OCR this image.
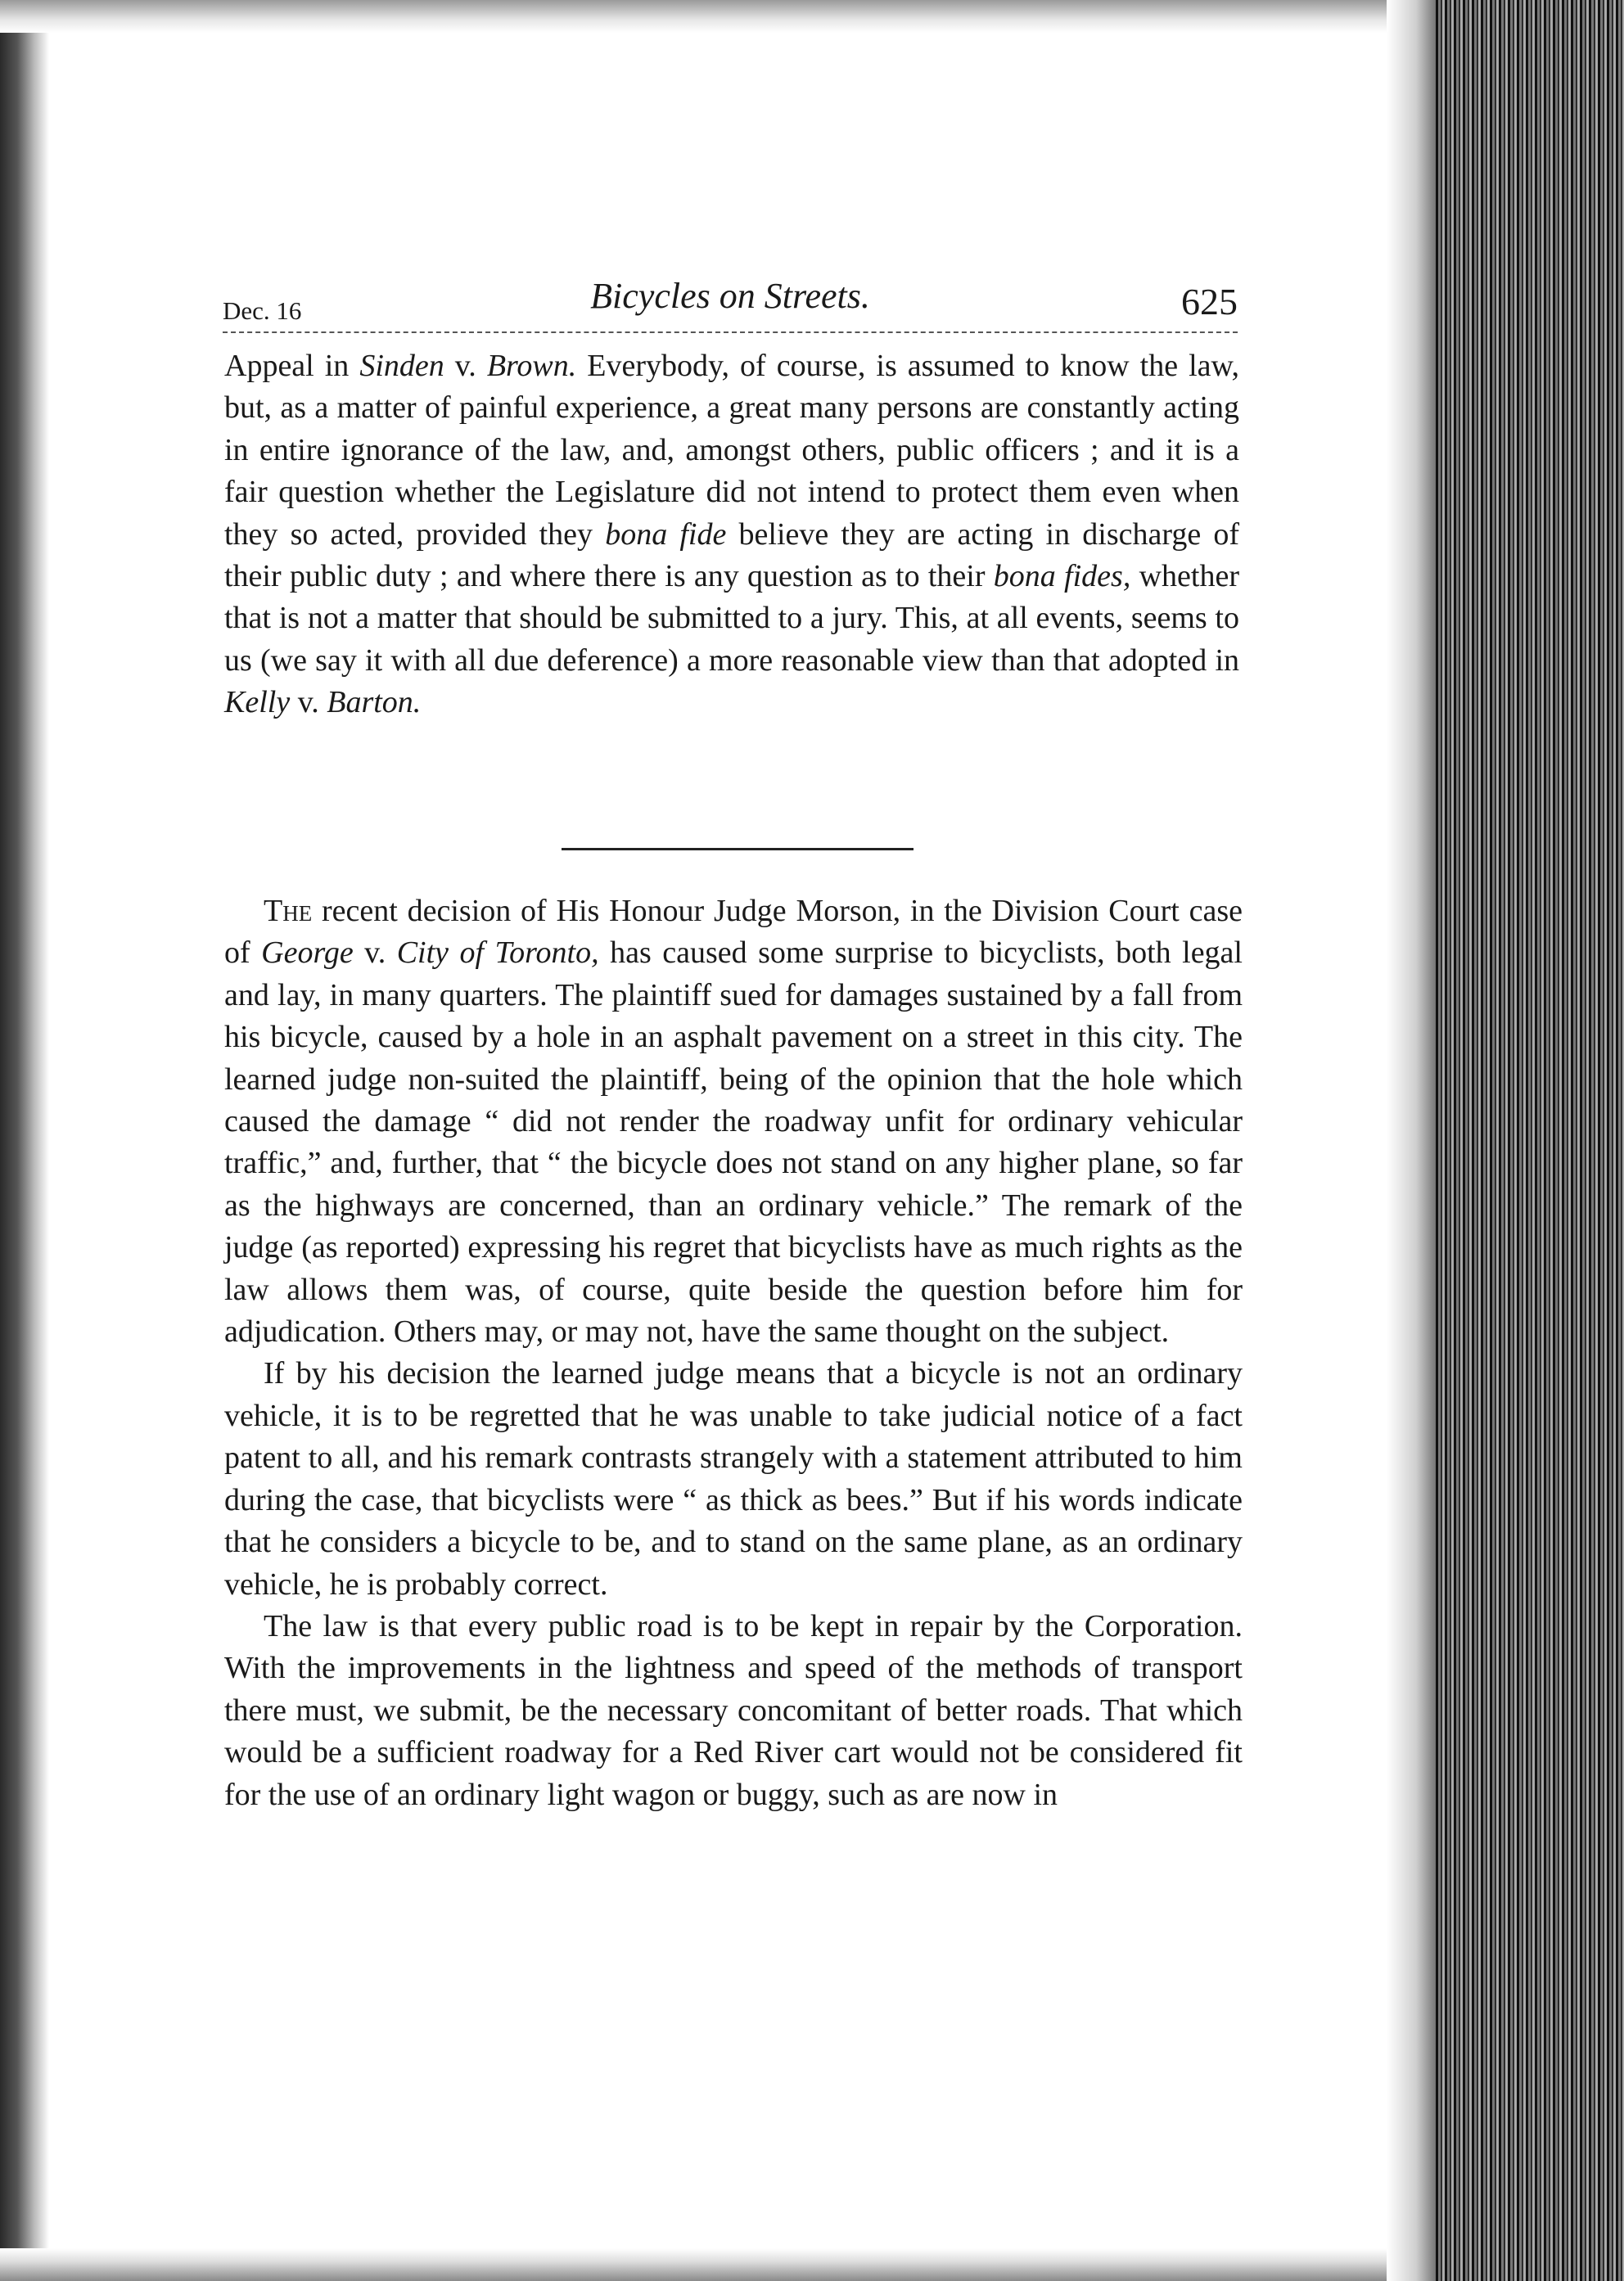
Dec. 16	Bicycles on Streets.	625

Appeal in Sinden v. Brown. Everybody, of course, is assumed to know the law, but, as a matter of painful experience, a great many persons are constantly acting in entire ignorance of the law, and, amongst others, public officers ; and it is a fair question whether the Legislature did not intend to protect them even when they so acted, provided they bona fide believe they are acting in discharge of their public duty ; and where there is any question as to their bona fides, whether that is not a matter that should be submitted to a jury. This, at all events, seems to us (we say it with all due deference) a more reasonable view than that adopted in Kelly v. Barton.

The recent decision of His Honour Judge Morson, in the Division Court case of George v. City of Toronto, has caused some surprise to bicyclists, both legal and lay, in many quarters. The plaintiff sued for damages sustained by a fall from his bicycle, caused by a hole in an asphalt pavement on a street in this city. The learned judge non-suited the plaintiff, being of the opinion that the hole which caused the damage “ did not render the roadway unfit for ordinary vehicular traffic,” and, further, that “ the bicycle does not stand on any higher plane, so far as the highways are concerned, than an ordinary vehicle.” The remark of the judge (as reported) expressing his regret that bicyclists have as much rights as the law allows them was, of course, quite beside the question before him for adjudication. Others may, or may not, have the same thought on the subject.

If by his decision the learned judge means that a bicycle is not an ordinary vehicle, it is to be regretted that he was unable to take judicial notice of a fact patent to all, and his remark contrasts strangely with a statement attributed to him during the case, that bicyclists were “ as thick as bees.” But if his words indicate that he considers a bicycle to be, and to stand on the same plane, as an ordinary vehicle, he is probably correct.

The law is that every public road is to be kept in repair by the Corporation. With the improvements in the lightness and speed of the methods of transport there must, we submit, be the necessary concomitant of better roads. That which would be a sufficient roadway for a Red River cart would not be considered fit for the use of an ordinary light wagon or buggy, such as are now in
